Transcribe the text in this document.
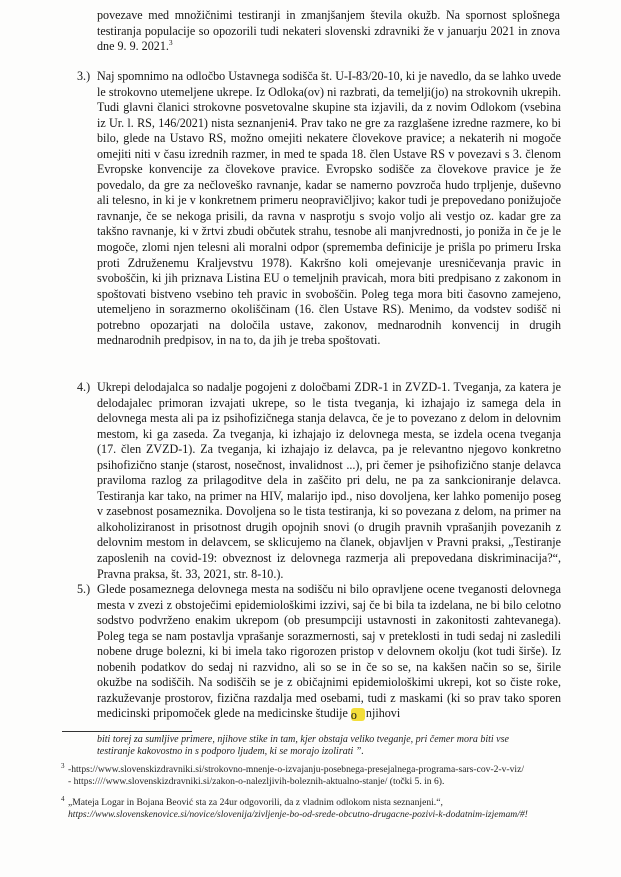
povezave med množičnimi testiranji in zmanjšanjem števila okužb. Na spornost splošnega testiranja populacije so opozorili tudi nekateri slovenski zdravniki že v januarju 2021 in znova dne 9. 9. 2021.$^3$

3.) Naj spomnimo na odločbo Ustavnega sodišča št. U-I-83/20-10, ki je navedlo, da se lahko uvede le strokovno utemeljene ukrepe. Iz Odloka(ov) ni razbrati, da temelji(jo) na strokovnih ukrepih. Tudi glavni članici strokovne posvetovalne skupine sta izjavili, da z novim Odlokom (vsebina iz Ur. l. RS, 146/2021) nista seznanjeni4. Prav tako ne gre za razglašene izredne razmere, ko bi bilo, glede na Ustavo RS, možno omejiti nekatere človekove pravice; a nekaterih ni mogoče omejiti niti v času izrednih razmer, in med te spada 18. člen Ustave RS v povezavi s 3. členom Evropske konvencije za človekove pravice. Evropsko sodišče za človekove pravice je že povedalo, da gre za nečloveško ravnanje, kadar se namerno povzroča hudo trpljenje, duševno ali telesno, in ki je v konkretnem primeru neopravičljivo; kakor tudi je prepovedano ponižujoče ravnanje, če se nekoga prisili, da ravna v nasprotju s svojo voljo ali vestjo oz. kadar gre za takšno ravnanje, ki v žrtvi zbudi občutek strahu, tesnobe ali manjvrednosti, jo poniža in če je le mogoče, zlomi njen telesni ali moralni odpor (sprememba definicije je prišla po primeru Irska proti Združenemu Kraljevstvu 1978). Kakršno koli omejevanje uresničevanja pravic in svoboščin, ki jih priznava Listina EU o temeljnih pravicah, mora biti predpisano z zakonom in spoštovati bistveno vsebino teh pravic in svoboščin. Poleg tega mora biti časovno zamejeno, utemeljeno in sorazmerno okoliščinam (16. člen Ustave RS). Menimo, da vodstev sodišč ni potrebno opozarjati na določila ustave, zakonov, mednarodnih konvencij in drugih mednarodnih predpisov, in na to, da jih je treba spoštovati.

4.) Ukrepi delodajalca so nadalje pogojeni z določbami ZDR-1 in ZVZD-1. Tveganja, za katera je delodajalec primoran izvajati ukrepe, so le tista tveganja, ki izhajajo iz samega dela in delovnega mesta ali pa iz psihofizičnega stanja delavca, če je to povezano z delom in delovnim mestom, ki ga zaseda. Za tveganja, ki izhajajo iz delovnega mesta, se izdela ocena tveganja (17. člen ZVZD-1). Za tveganja, ki izhajajo iz delavca, pa je relevantno njegovo konkretno psihofizično stanje (starost, nosečnost, invalidnost ...), pri čemer je psihofizično stanje delavca praviloma razlog za prilagoditve dela in zaščito pri delu, ne pa za sankcioniranje delavca. Testiranja kar tako, na primer na HIV, malarijo ipd., niso dovoljena, ker lahko pomenijo poseg v zasebnost posameznika. Dovoljena so le tista testiranja, ki so povezana z delom, na primer na alkoholiziranost in prisotnost drugih opojnih snovi (o drugih pravnih vprašanjih povezanih z delovnim mestom in delavcem, se sklicujemo na članek, objavljen v Pravni praksi, „Testiranje zaposlenih na covid-19: obveznost iz delovnega razmerja ali prepovedana diskriminacija?“, Pravna praksa, št. 33, 2021, str. 8-10.).

5.) Glede posameznega delovnega mesta na sodišču ni bilo opravljene ocene tveganosti delovnega mesta v zvezi z obstoječimi epidemiološkimi izzivi, saj če bi bila ta izdelana, ne bi bilo celotno sodstvo podvrženo enakim ukrepom (ob presumpciji ustavnosti in zakonitosti zahtevanega). Poleg tega se nam postavlja vprašanje sorazmernosti, saj v preteklosti in tudi sedaj ni zasledili nobene druge bolezni, ki bi imela tako rigorozen pristop v delovnem okolju (kot tudi širše). Iz nobenih podatkov do sedaj ni razvidno, ali so se in če so se, na kakšen način so se, širile okužbe na sodiščih. Na sodiščih se je z običajnimi epidemiološkimi ukrepi, kot so čiste roke, razkuževanje prostorov, fizična razdalja med osebami, tudi z maskami (ki so prav tako sporen medicinski pripomoček glede na medicinske študije o njihovi

biti torej za sumljive primere, njihove stike in tam, kjer obstaja veliko tveganje, pri čemer mora biti vse testiranje kakovostno in s podporo ljudem, ki se morajo izolirati ”.

3 -https://www.slovenskizdravniki.si/strokovno-mnenje-o-izvajanju-posebnega-presejalnega-programa-sars-cov-2-v-viz/
- https:////www.slovenskizdravniki.si/zakon-o-nalezljivih-boleznih-aktualno-stanje/ (točki 5. in 6).
4 „Mateja Logar in Bojana Beović sta za 24ur odgovorili, da z vladnim odlokom nista seznanjeni.“,
https://www.slovenskenovice.si/novice/slovenija/zivljenje-bo-od-srede-obcutno-drugacne-pozivi-k-dodatnim-izjemam/#!
